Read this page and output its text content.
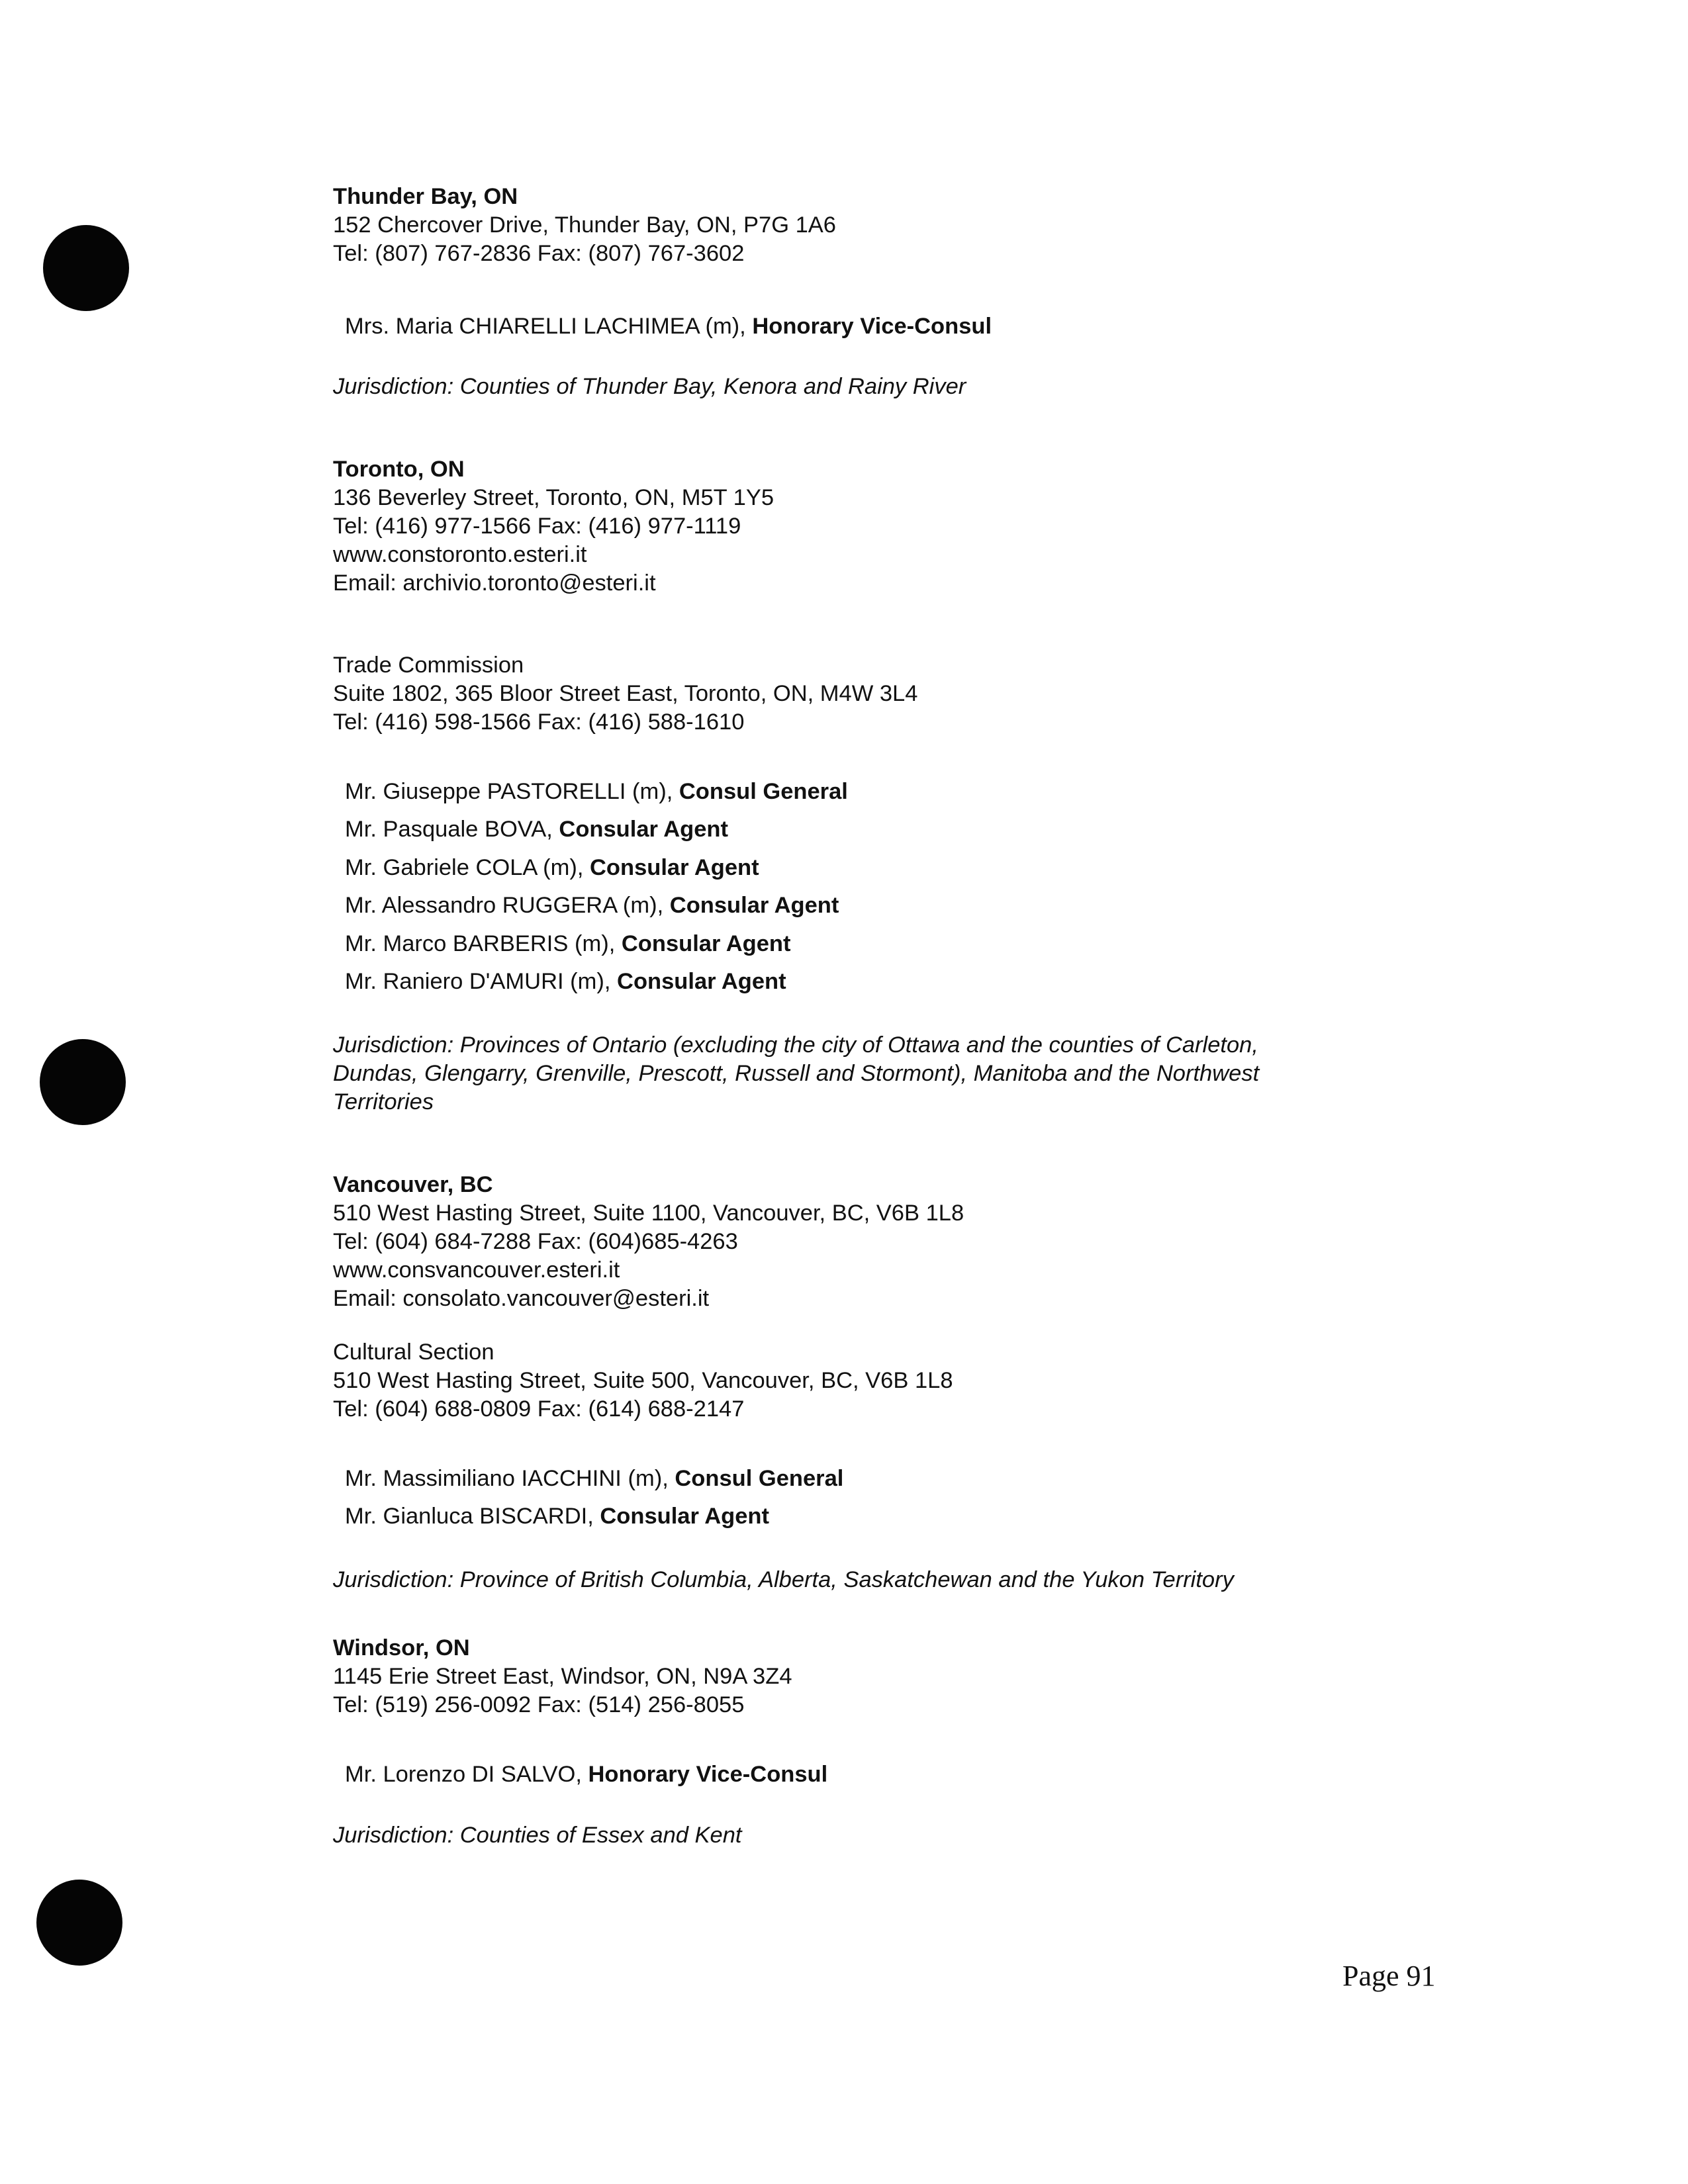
Thunder Bay, ON
152 Chercover Drive, Thunder Bay, ON, P7G 1A6
Tel: (807) 767-2836 Fax: (807) 767-3602
Mrs. Maria CHIARELLI LACHIMEA (m), Honorary Vice-Consul
Jurisdiction: Counties of Thunder Bay, Kenora and Rainy River
Toronto, ON
136 Beverley Street, Toronto, ON, M5T 1Y5
Tel: (416) 977-1566 Fax: (416) 977-1119
www.constoronto.esteri.it
Email: archivio.toronto@esteri.it
Trade Commission
Suite 1802, 365 Bloor Street East, Toronto, ON, M4W 3L4
Tel: (416) 598-1566 Fax: (416) 588-1610
Mr. Giuseppe PASTORELLI (m), Consul General
Mr. Pasquale BOVA, Consular Agent
Mr. Gabriele COLA (m), Consular Agent
Mr. Alessandro RUGGERA (m), Consular Agent
Mr. Marco BARBERIS (m), Consular Agent
Mr. Raniero D'AMURI (m), Consular Agent
Jurisdiction: Provinces of Ontario (excluding the city of Ottawa and the counties of Carleton,
Dundas, Glengarry, Grenville, Prescott, Russell and Stormont), Manitoba and the Northwest
Territories
Vancouver, BC
510 West Hasting Street, Suite 1100, Vancouver, BC, V6B 1L8
Tel: (604) 684-7288 Fax: (604)685-4263
www.consvancouver.esteri.it
Email: consolato.vancouver@esteri.it
Cultural Section
510 West Hasting Street, Suite 500, Vancouver, BC, V6B 1L8
Tel: (604) 688-0809 Fax: (614) 688-2147
Mr. Massimiliano IACCHINI (m), Consul General
Mr. Gianluca BISCARDI, Consular Agent
Jurisdiction: Province of British Columbia, Alberta, Saskatchewan and the Yukon Territory
Windsor, ON
1145 Erie Street East, Windsor, ON, N9A 3Z4
Tel: (519) 256-0092 Fax: (514) 256-8055
Mr. Lorenzo DI SALVO, Honorary Vice-Consul
Jurisdiction: Counties of Essex and Kent
Page 91
